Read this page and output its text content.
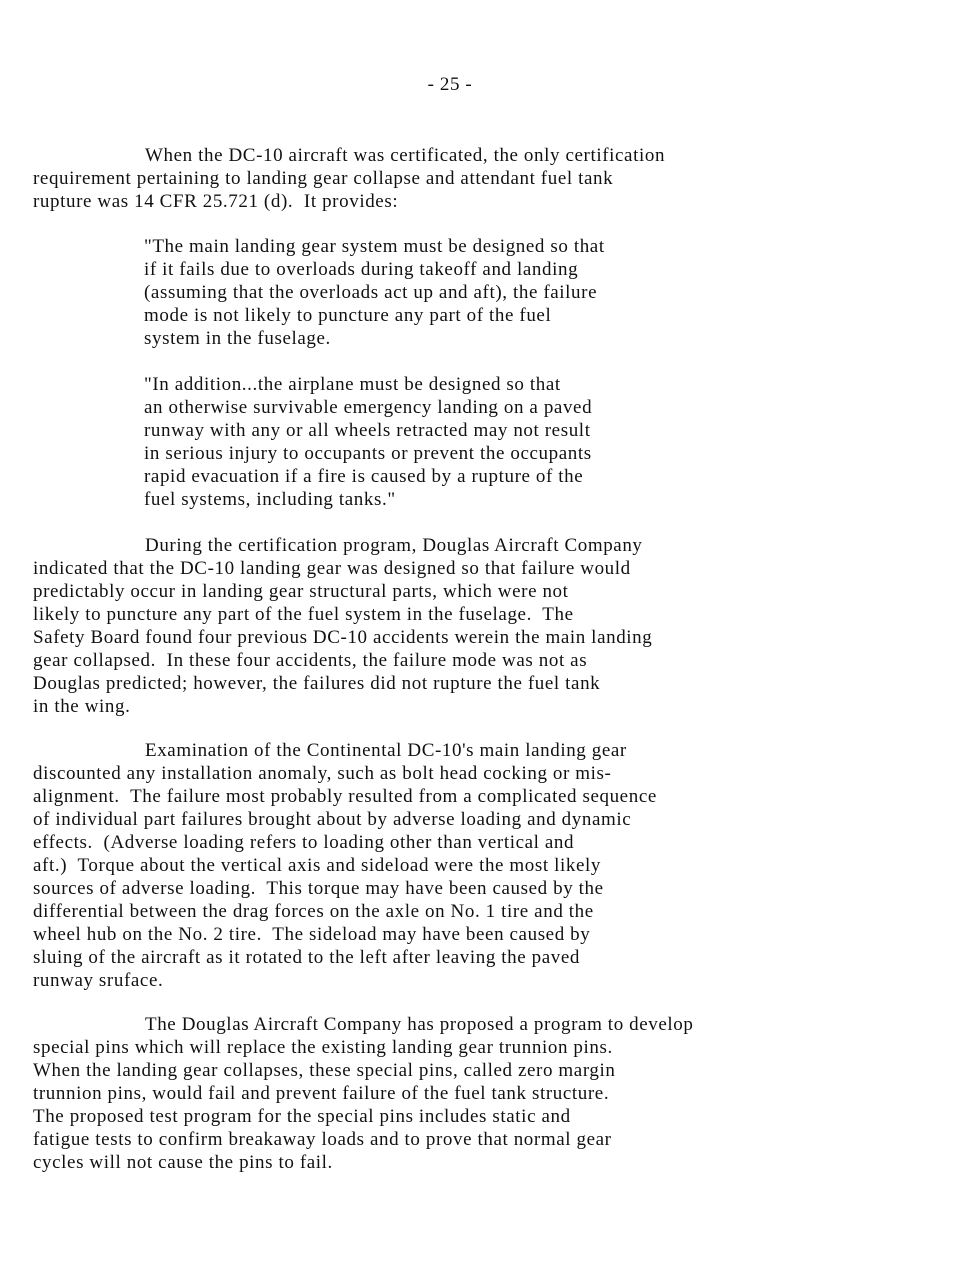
- 25 -
When the DC-10 aircraft was certificated, the only certification
requirement pertaining to landing gear collapse and attendant fuel tank
rupture was 14 CFR 25.721 (d).  It provides:
"The main landing gear system must be designed so that
if it fails due to overloads during takeoff and landing
(assuming that the overloads act up and aft), the failure
mode is not likely to puncture any part of the fuel
system in the fuselage.
"In addition...the airplane must be designed so that
an otherwise survivable emergency landing on a paved
runway with any or all wheels retracted may not result
in serious injury to occupants or prevent the occupants
rapid evacuation if a fire is caused by a rupture of the
fuel systems, including tanks."
During the certification program, Douglas Aircraft Company
indicated that the DC-10 landing gear was designed so that failure would
predictably occur in landing gear structural parts, which were not
likely to puncture any part of the fuel system in the fuselage.  The
Safety Board found four previous DC-10 accidents werein the main landing
gear collapsed.  In these four accidents, the failure mode was not as
Douglas predicted; however, the failures did not rupture the fuel tank
in the wing.
Examination of the Continental DC-10's main landing gear
discounted any installation anomaly, such as bolt head cocking or mis-
alignment.  The failure most probably resulted from a complicated sequence
of individual part failures brought about by adverse loading and dynamic
effects.  (Adverse loading refers to loading other than vertical and
aft.)  Torque about the vertical axis and sideload were the most likely
sources of adverse loading.  This torque may have been caused by the
differential between the drag forces on the axle on No. 1 tire and the
wheel hub on the No. 2 tire.  The sideload may have been caused by
sluing of the aircraft as it rotated to the left after leaving the paved
runway sruface.
The Douglas Aircraft Company has proposed a program to develop
special pins which will replace the existing landing gear trunnion pins.
When the landing gear collapses, these special pins, called zero margin
trunnion pins, would fail and prevent failure of the fuel tank structure.
The proposed test program for the special pins includes static and
fatigue tests to confirm breakaway loads and to prove that normal gear
cycles will not cause the pins to fail.
